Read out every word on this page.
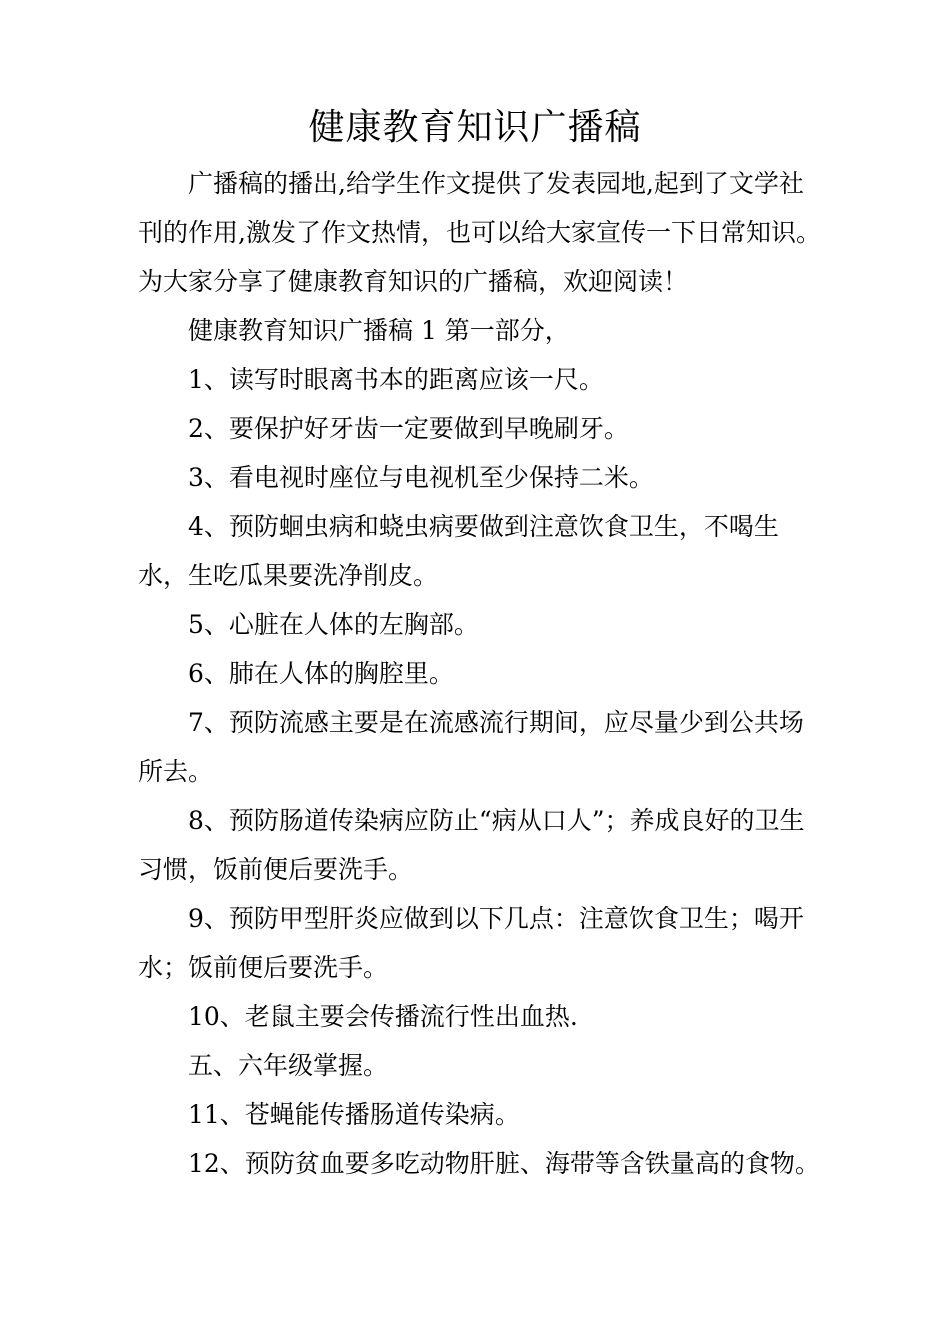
健康教育知识广播稿

广播稿的播出,给学生作文提供了发表园地,起到了文学社刊的作用,激发了作文热情，也可以给大家宣传一下日常知识。为大家分享了健康教育知识的广播稿，欢迎阅读！

健康教育知识广播稿 1 第一部分，

1、读写时眼离书本的距离应该一尺。

2、要保护好牙齿一定要做到早晚刷牙。

3、看电视时座位与电视机至少保持二米。

4、预防蛔虫病和蛲虫病要做到注意饮食卫生，不喝生水，生吃瓜果要洗净削皮。

5、心脏在人体的左胸部。

6、肺在人体的胸腔里。

7、预防流感主要是在流感流行期间，应尽量少到公共场所去。

8、预防肠道传染病应防止“病从口人”；养成良好的卫生习惯，饭前便后要洗手。

9、预防甲型肝炎应做到以下几点：注意饮食卫生；喝开水；饭前便后要洗手。

10、老鼠主要会传播流行性出血热.

五、六年级掌握。

11、苍蝇能传播肠道传染病。

12、预防贫血要多吃动物肝脏、海带等含铁量高的食物。
